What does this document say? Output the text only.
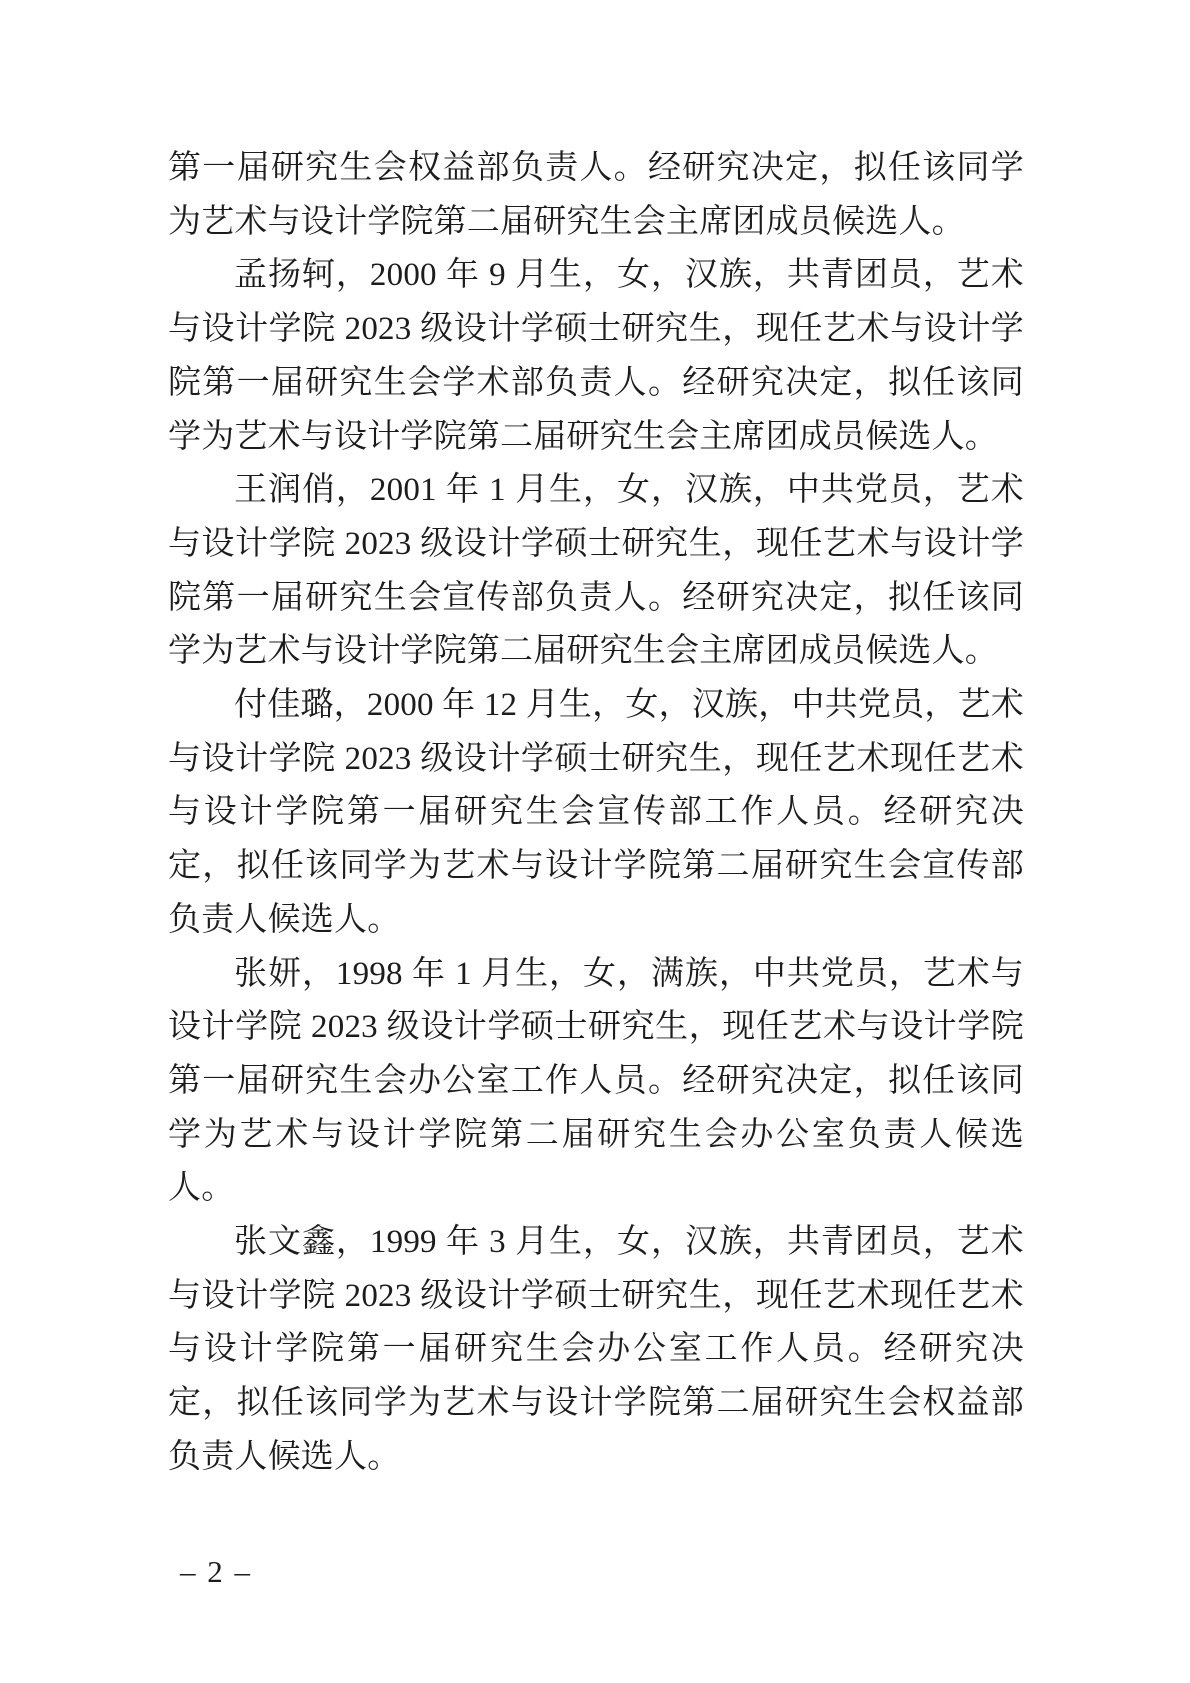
第一届研究生会权益部负责人。经研究决定，拟任该同学为艺术与设计学院第二届研究生会主席团成员候选人。

孟扬轲，2000 年 9 月生，女，汉族，共青团员，艺术与设计学院 2023 级设计学硕士研究生，现任艺术与设计学院第一届研究生会学术部负责人。经研究决定，拟任该同学为艺术与设计学院第二届研究生会主席团成员候选人。

王润俏，2001 年 1 月生，女，汉族，中共党员，艺术与设计学院 2023 级设计学硕士研究生，现任艺术与设计学院第一届研究生会宣传部负责人。经研究决定，拟任该同学为艺术与设计学院第二届研究生会主席团成员候选人。

付佳璐，2000 年 12 月生，女，汉族，中共党员，艺术与设计学院 2023 级设计学硕士研究生，现任艺术现任艺术与设计学院第一届研究生会宣传部工作人员。经研究决定，拟任该同学为艺术与设计学院第二届研究生会宣传部负责人候选人。

张妍，1998 年 1 月生，女，满族，中共党员，艺术与设计学院 2023 级设计学硕士研究生，现任艺术与设计学院第一届研究生会办公室工作人员。经研究决定，拟任该同学为艺术与设计学院第二届研究生会办公室负责人候选人。

张文鑫，1999 年 3 月生，女，汉族，共青团员，艺术与设计学院 2023 级设计学硕士研究生，现任艺术现任艺术与设计学院第一届研究生会办公室工作人员。经研究决定，拟任该同学为艺术与设计学院第二届研究生会权益部负责人候选人。

– 2 –
